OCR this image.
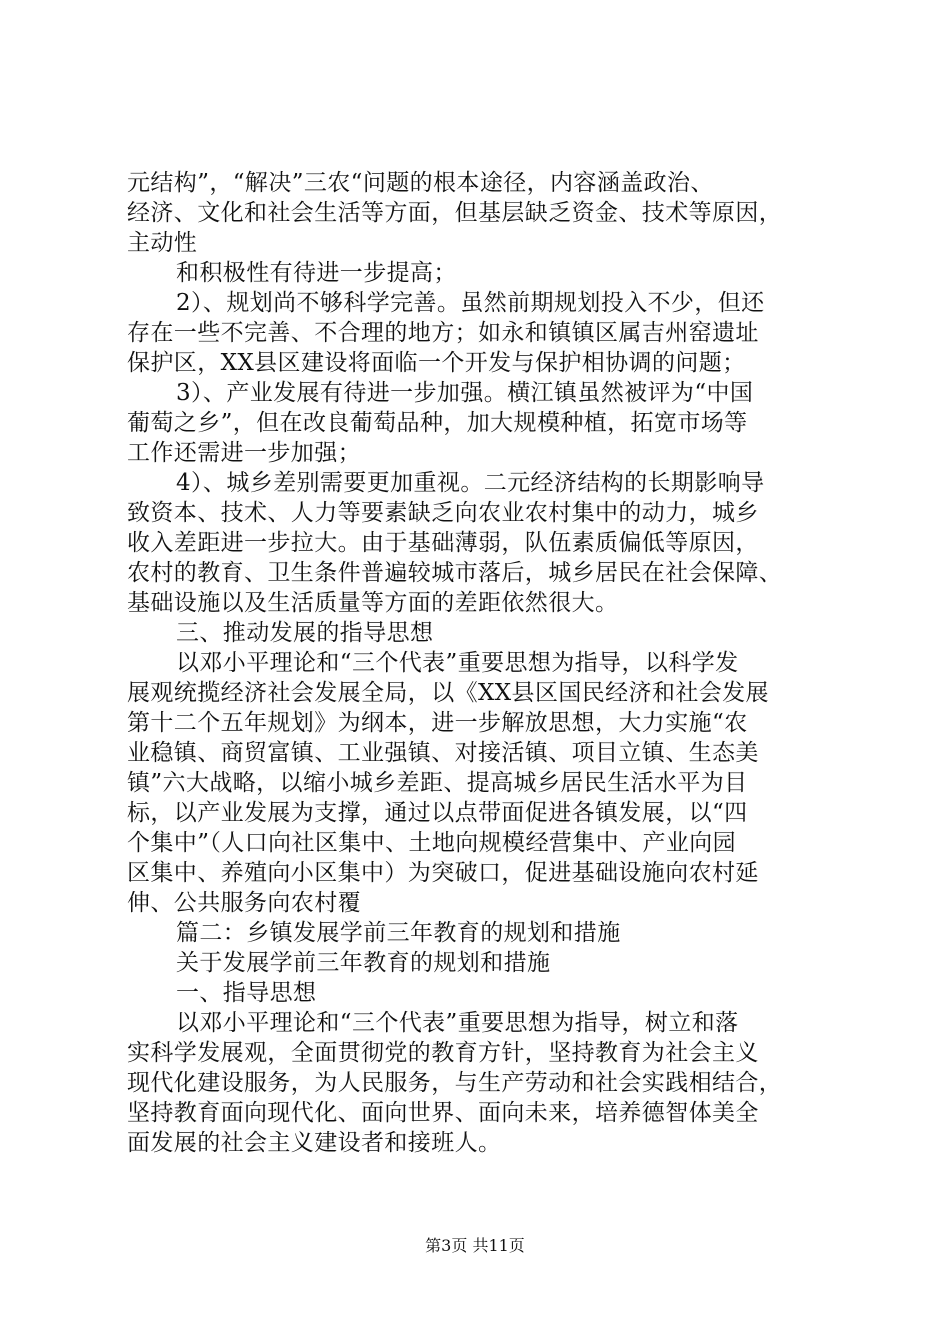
元结构”，“解决”三农“问题的根本途径，内容涵盖政治、
经济、文化和社会生活等方面，但基层缺乏资金、技术等原因，
主动性
和积极性有待进一步提高；
2）、规划尚不够科学完善。虽然前期规划投入不少，但还
存在一些不完善、不合理的地方；如永和镇镇区属吉州窑遗址
保护区，XX县区建设将面临一个开发与保护相协调的问题；
3）、产业发展有待进一步加强。横江镇虽然被评为“中国
葡萄之乡”，但在改良葡萄品种，加大规模种植，拓宽市场等
工作还需进一步加强；
4）、城乡差别需要更加重视。二元经济结构的长期影响导
致资本、技术、人力等要素缺乏向农业农村集中的动力，城乡
收入差距进一步拉大。由于基础薄弱，队伍素质偏低等原因，
农村的教育、卫生条件普遍较城市落后，城乡居民在社会保障、
基础设施以及生活质量等方面的差距依然很大。
三、推动发展的指导思想
以邓小平理论和“三个代表”重要思想为指导，以科学发
展观统揽经济社会发展全局，以《XX县区国民经济和社会发展
第十二个五年规划》为纲本，进一步解放思想，大力实施“农
业稳镇、商贸富镇、工业强镇、对接活镇、项目立镇、生态美
镇”六大战略，以缩小城乡差距、提高城乡居民生活水平为目
标，以产业发展为支撑，通过以点带面促进各镇发展，以“四
个集中”（人口向社区集中、土地向规模经营集中、产业向园
区集中、养殖向小区集中）为突破口，促进基础设施向农村延
伸、公共服务向农村覆
篇二：乡镇发展学前三年教育的规划和措施
关于发展学前三年教育的规划和措施
一、指导思想
以邓小平理论和“三个代表”重要思想为指导，树立和落
实科学发展观，全面贯彻党的教育方针，坚持教育为社会主义
现代化建设服务，为人民服务，与生产劳动和社会实践相结合，
坚持教育面向现代化、面向世界、面向未来，培养德智体美全
面发展的社会主义建设者和接班人。
第3页 共11页
